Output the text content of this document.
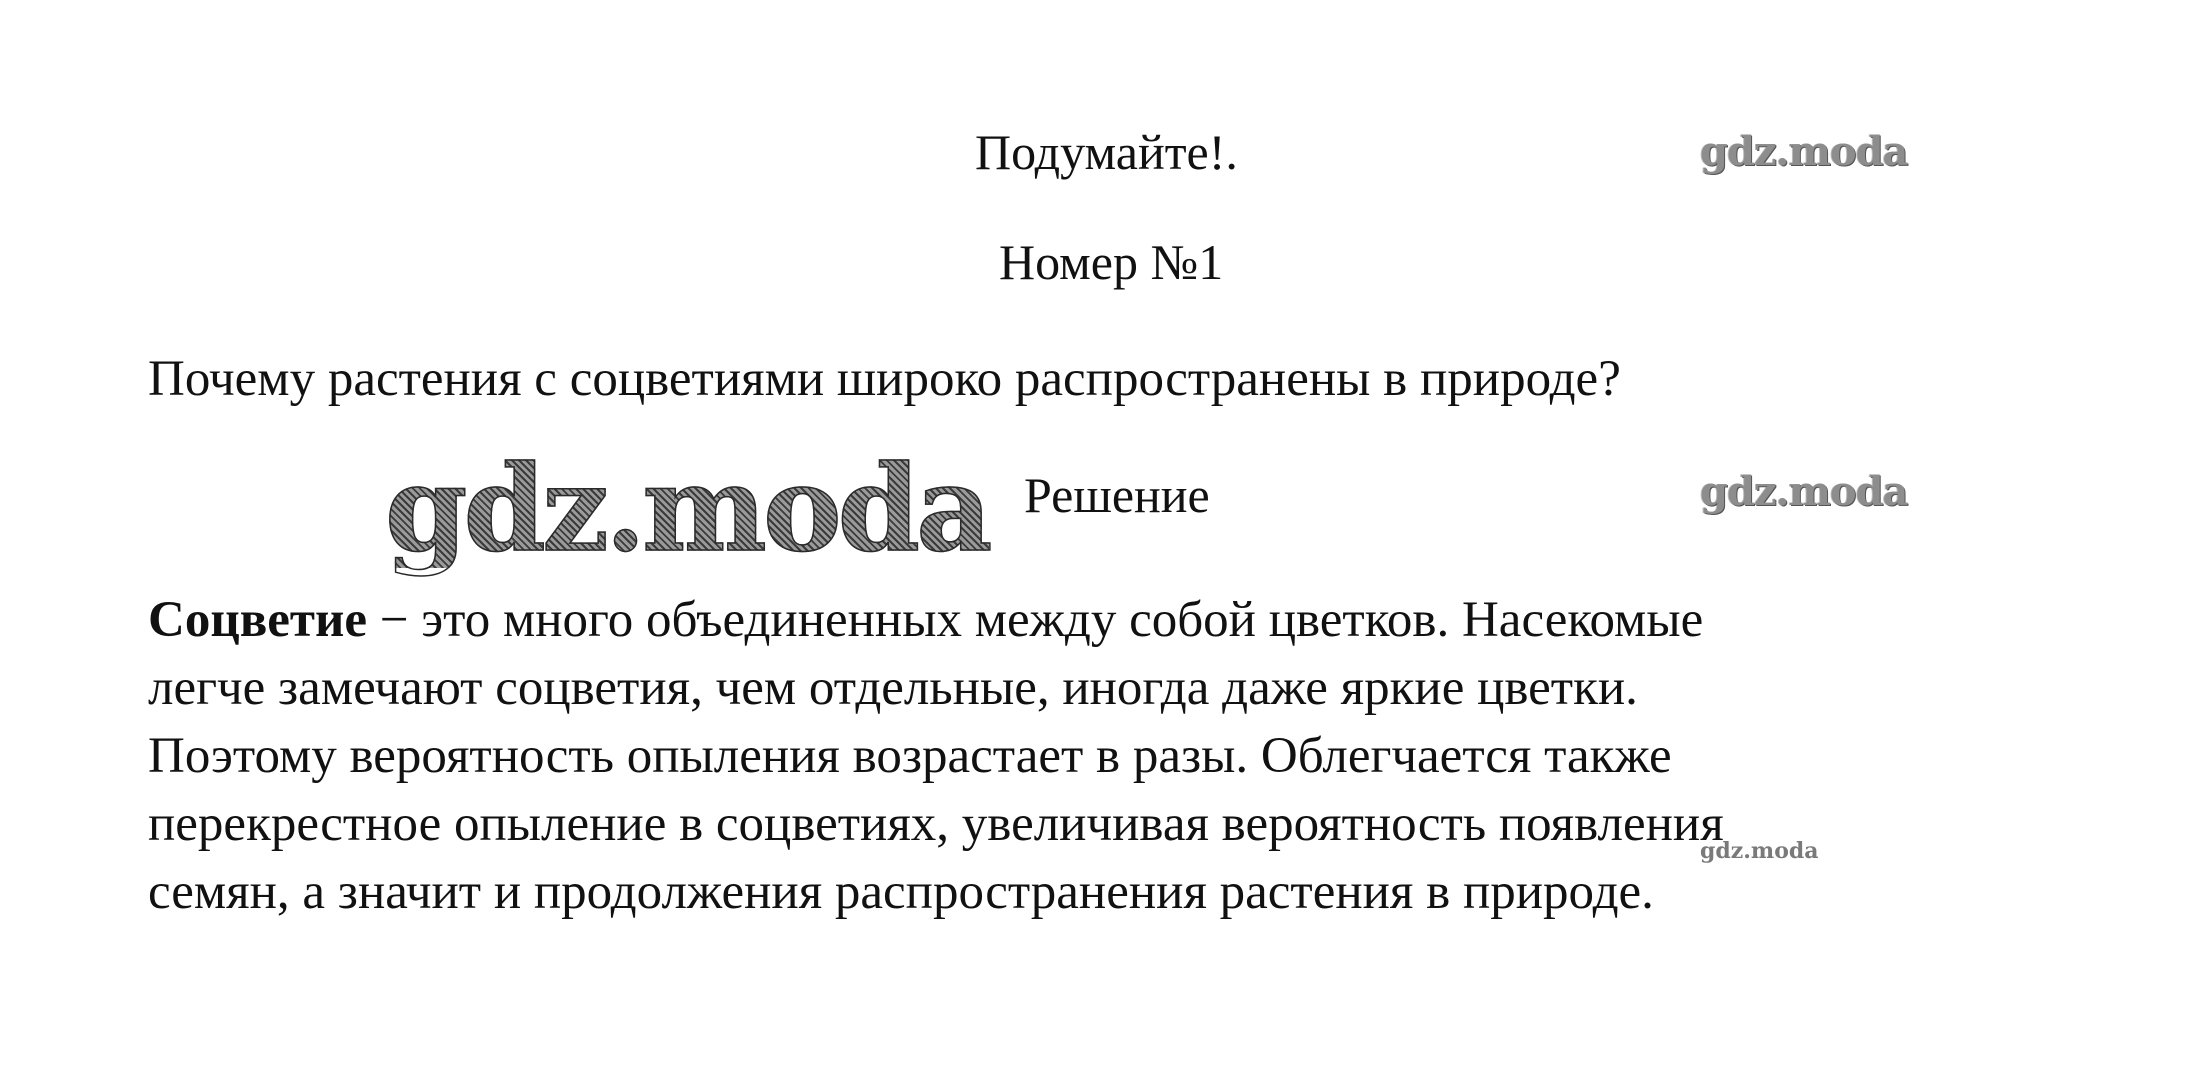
Подумайте!.	gdz.moda
Номер №1
Почему растения с соцветиями широко распространены в природе?
gdz.moda Решение	gdz.moda
Соцветие − это много объединенных между собой цветков. Насекомые
легче замечают соцветия, чем отдельные, иногда даже яркие цветки.
Поэтому вероятность опыления возрастает в разы. Облегчается также
перекрестное опыление в соцветиях, увеличивая вероятность появления
семян, а значит и продолжения распространения растения в природе.
gdz.moda
